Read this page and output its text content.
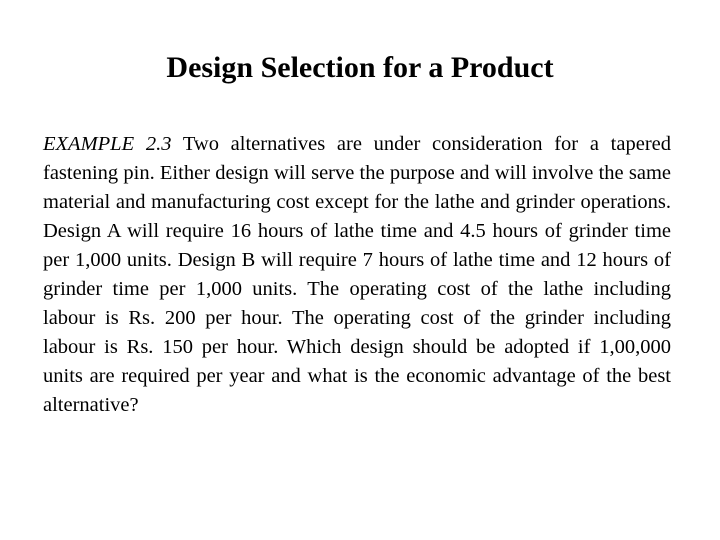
Design Selection for a Product

EXAMPLE 2.3 Two alternatives are under consideration for a tapered fastening pin. Either design will serve the purpose and will involve the same material and manufacturing cost except for the lathe and grinder operations. Design A will require 16 hours of lathe time and 4.5 hours of grinder time per 1,000 units. Design B will require 7 hours of lathe time and 12 hours of grinder time per 1,000 units. The operating cost of the lathe including labour is Rs. 200 per hour. The operating cost of the grinder including labour is Rs. 150 per hour. Which design should be adopted if 1,00,000 units are required per year and what is the economic advantage of the best alternative?
